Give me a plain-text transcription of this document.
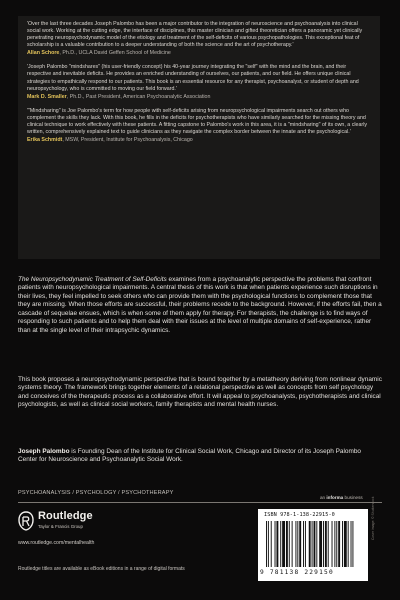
'Over the last three decades Joseph Palombo has been a major contributor to the integration of neuroscience and psychoanalysis into clinical social work. Working at the cutting edge, the interface of disciplines, this master clinician and gifted theoretician offers a panoramic yet clinically penetrating neuropsychodynamic model of the etiology and treatment of the self-deficits of various psychopathologies. This exceptional feat of scholarship is a valuable contribution to a deeper understanding of both the science and the art of psychotherapy.'

Allan Schore, Ph.D., UCLA David Geffen School of Medicine

'Joseph Palombo "mindshares" (his user-friendly concept) his 40-year journey integrating the "self" with the mind and the brain, and their respective and inevitable deficits. He provides an enriched understanding of ourselves, our patients, and our field. He offers unique clinical strategies to empathically respond to our patients. This book is an essential resource for any therapist, psychoanalyst, or student of depth and neuropsychology, who is committed to moving our field forward.'

Mark D. Smaller, Ph.D., Past President, American Psychoanalytic Association

'"Mindsharing" is Joe Palombo's term for how people with self-deficits arising from neuropsychological impairments search out others who complement the skills they lack. With this book, he fills in the deficits for psychotherapists who have similarly searched for the missing theory and clinical technique to work effectively with these patients. A fitting capstone to Palombo's work in this area, it is a "mindsharing" of its own, a clearly written, comprehensively explained text to guide clinicians as they navigate the complex border between the innate and the psychological.'

Erika Schmidt, MSW, President, Institute for Psychoanalysis, Chicago

The Neuropsychodynamic Treatment of Self-Deficits examines from a psychoanalytic perspective the problems that confront patients with neuropsychological impairments. A central thesis of this work is that when patients experience such disruptions in their lives, they feel impelled to seek others who can provide them with the psychological functions to complement those that they are missing. When those efforts are successful, their problems recede to the background. However, if the efforts fail, then a cascade of sequelae ensues, which is when some of them apply for therapy. For therapists, the challenge is to find ways of responding to such patients and to help them deal with their issues at the level of multiple domains of self-experience, rather than at the single level of their intrapsychic dynamics.
This book proposes a neuropsychodynamic perspective that is bound together by a metatheory deriving from nonlinear dynamic systems theory. The framework brings together elements of a relational perspective as well as concepts from self psychology and conceives of the therapeutic process as a collaborative effort. It will appeal to psychoanalysts, psychotherapists and clinical psychologists, as well as clinical social workers, family therapists and mental health nurses.
Joseph Palombo is Founding Dean of the Institute for Clinical Social Work, Chicago and Director of its Joseph Palombo Center for Neuroscience and Psychoanalytic Social Work.
PSYCHOANALYSIS / PSYCHOLOGY / PSYCHOTHERAPY
an informa business
Routledge
Taylor & Francis Group
www.routledge.com/mentalhealth
Routledge titles are available as eBook editions in a range of digital formats
ISBN 978-1-138-22915-0
9 781138 229150
Cover image: © Shutterstock
